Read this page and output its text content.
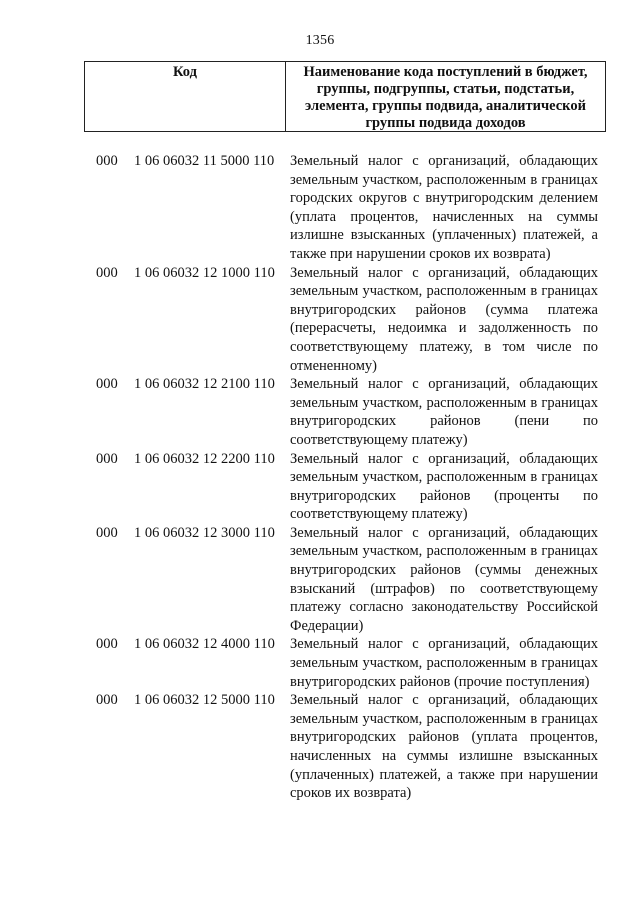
1356
Код	Наименование кода поступлений в бюджет, группы, подгруппы, статьи, подстатьи, элемента, группы подвида, аналитической группы подвида доходов
000	1 06 06032 11 5000 110	Земельный налог с организаций, обладающих земельным участком, расположенным в границах городских округов с внутригородским делением (уплата процентов, начисленных на суммы излишне взысканных (уплаченных) платежей, а также при нарушении сроков их возврата)
000	1 06 06032 12 1000 110	Земельный налог с организаций, обладающих земельным участком, расположенным в границах внутригородских районов (сумма платежа (перерасчеты, недоимка и задолженность по соответствующему платежу, в том числе по отмененному)
000	1 06 06032 12 2100 110	Земельный налог с организаций, обладающих земельным участком, расположенным в границах внутригородских районов (пени по соответствующему платежу)
000	1 06 06032 12 2200 110	Земельный налог с организаций, обладающих земельным участком, расположенным в границах внутригородских районов (проценты по соответствующему платежу)
000	1 06 06032 12 3000 110	Земельный налог с организаций, обладающих земельным участком, расположенным в границах внутригородских районов (суммы денежных взысканий (штрафов) по соответствующему платежу согласно законодательству Российской Федерации)
000	1 06 06032 12 4000 110	Земельный налог с организаций, обладающих земельным участком, расположенным в границах внутригородских районов (прочие поступления)
000	1 06 06032 12 5000 110	Земельный налог с организаций, обладающих земельным участком, расположенным в границах внутригородских районов (уплата процентов, начисленных на суммы излишне взысканных (уплаченных) платежей, а также при нарушении сроков их возврата)
